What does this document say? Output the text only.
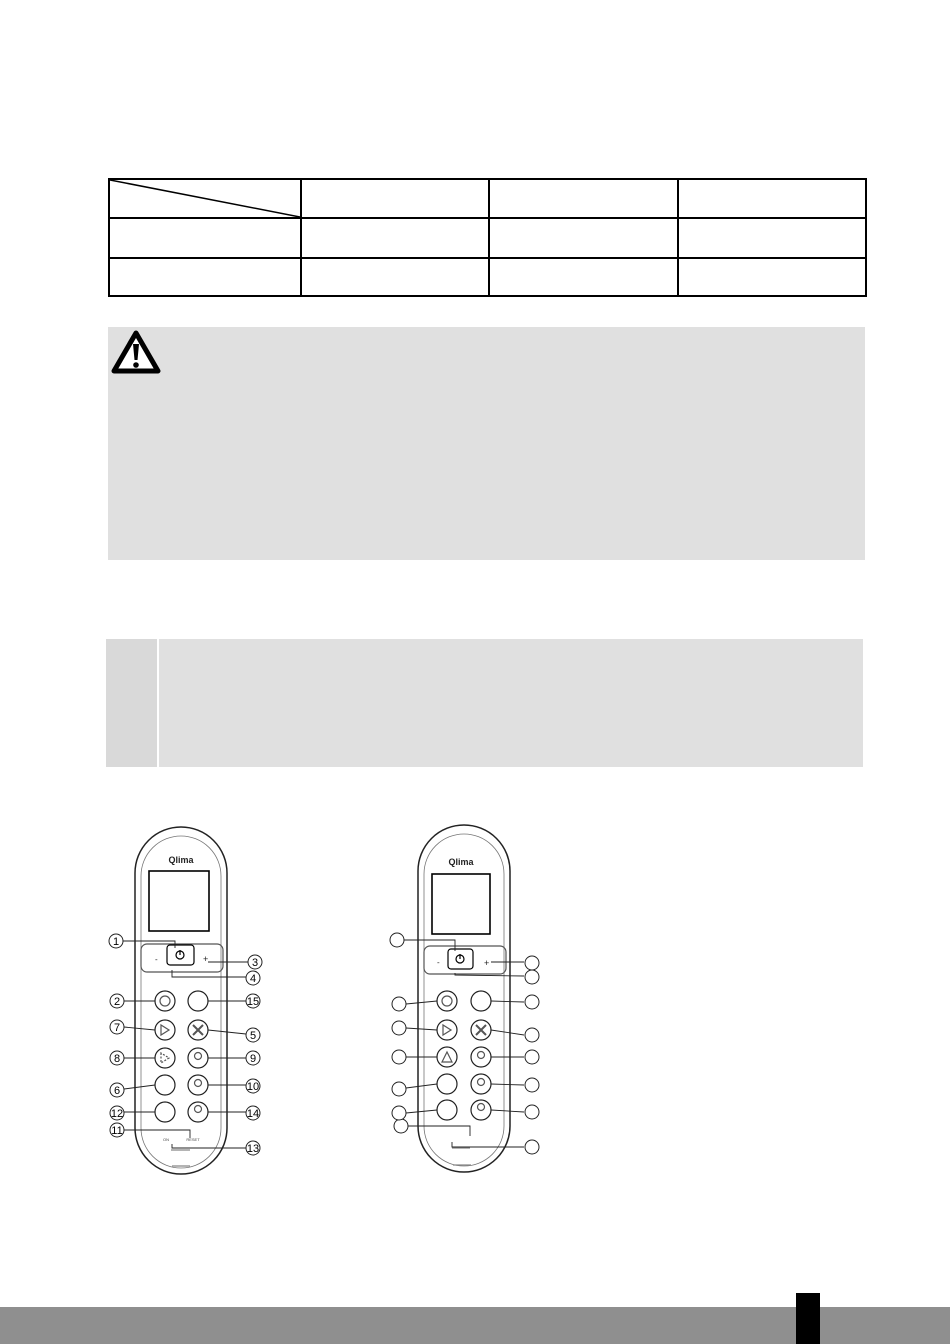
Qlima
-	+
ON	RESET
1
2
3
4
5
6
7
8	9
10
11
12
13
14
15
Qlima
-	+
